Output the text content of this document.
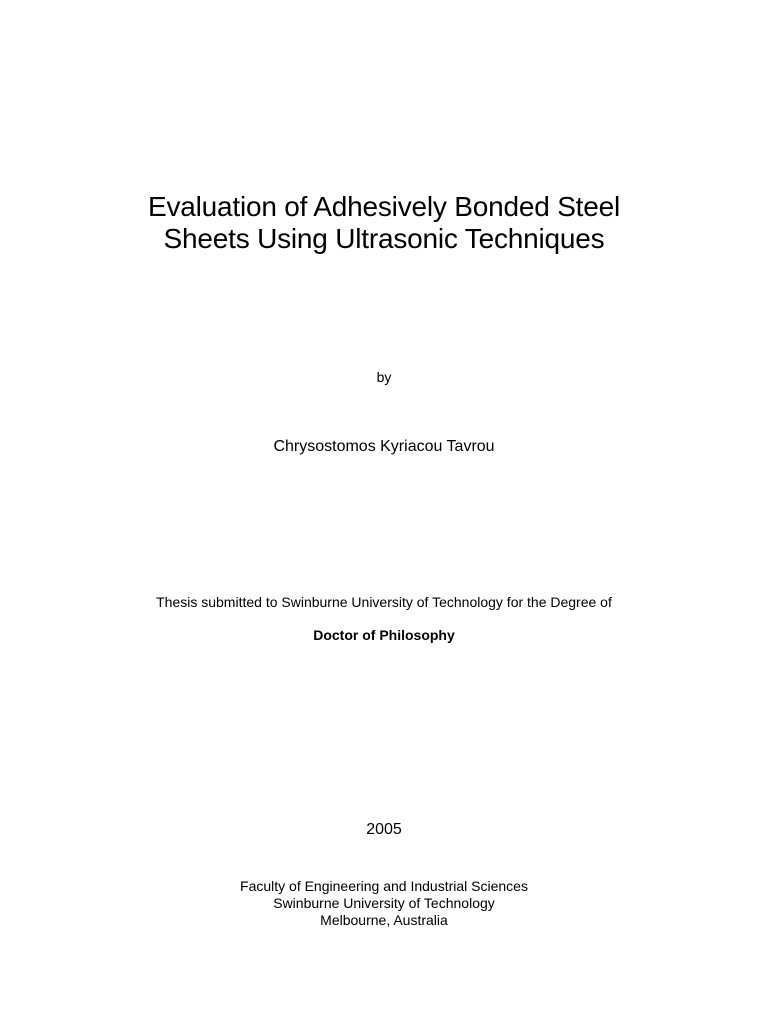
Evaluation of Adhesively Bonded Steel
Sheets Using Ultrasonic Techniques
by
Chrysostomos Kyriacou Tavrou
Thesis submitted to Swinburne University of Technology for the Degree of
Doctor of Philosophy
2005
Faculty of Engineering and Industrial Sciences
Swinburne University of Technology
Melbourne, Australia
